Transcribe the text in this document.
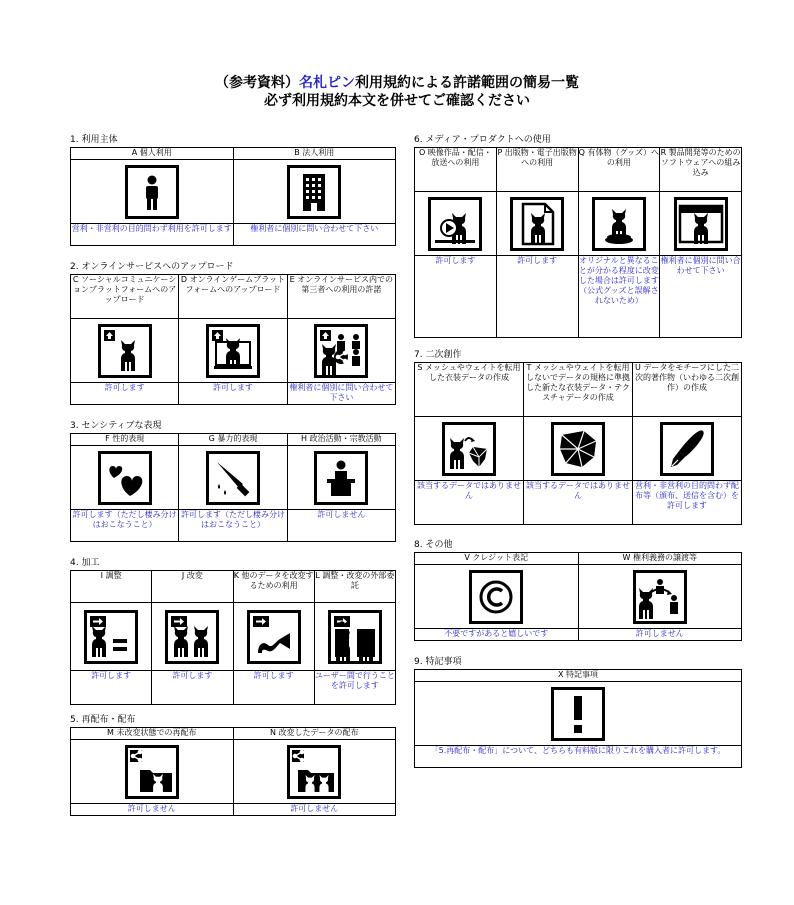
（参考資料）名札ピン利用規約による許諾範囲の簡易一覧
必ず利用規約本文を併せてご確認ください
1. 利用主体
A 個人利用	B 法人利用

営利・非営利の目的問わず利用を許可します	権利者に個別に問い合わせて下さい
2. オンラインサービスへのアップロード
C ソーシャルコミュニケーションプラットフォームへのアップロード	D オンラインゲームプラットフォームへのアップロード	E オンラインサービス内での第三者への利用の許諾

許可します	許可します	権利者に個別に問い合わせて下さい
3. センシティブな表現
F 性的表現	G 暴力的表現	H 政治活動・宗教活動

許可します（ただし棲み分けはおこなうこと）	許可します（ただし棲み分けはおこなうこと）	許可しません
4. 加工
I 調整	J 改変	K 他のデータを改変するための利用	L 調整・改変の外部委託

許可します	許可します	許可します	ユーザー間で行うことを許可します
5. 再配布・配布
M 未改変状態での再配布	N 改変したデータの配布

許可しません	許可しません
6. メディア・プロダクトへの使用
O 映像作品・配信・放送への利用	P 出版物・電子出版物への利用	Q 有体物（グッズ）への利用	R 製品開発等のためのソフトウェアへの組み込み

許可します	許可します	オリジナルと異なることが分かる程度に改変した場合は許可します（公式グッズと誤解されないため）	権利者に個別に問い合わせて下さい
7. 二次創作
S メッシュやウェイトを転用した衣装データの作成	T メッシュやウェイトを転用しないでデータの規格に準拠した新たな衣装データ・テクスチャデータの作成	U データをモチーフにした二次的著作物（いわゆる二次創作）の作成

該当するデータではありません	該当するデータではありません	営利・非営利の目的問わず配布等（頒布、送信を含む）を許可します
8. その他
V クレジット表記	W 権利義務の譲渡等

不要ですがあると嬉しいです	許可しません
9. 特記事項
X 特記事項

「5.再配布・配布」について、どちらも有料版に限りこれを購入者に許可します。
